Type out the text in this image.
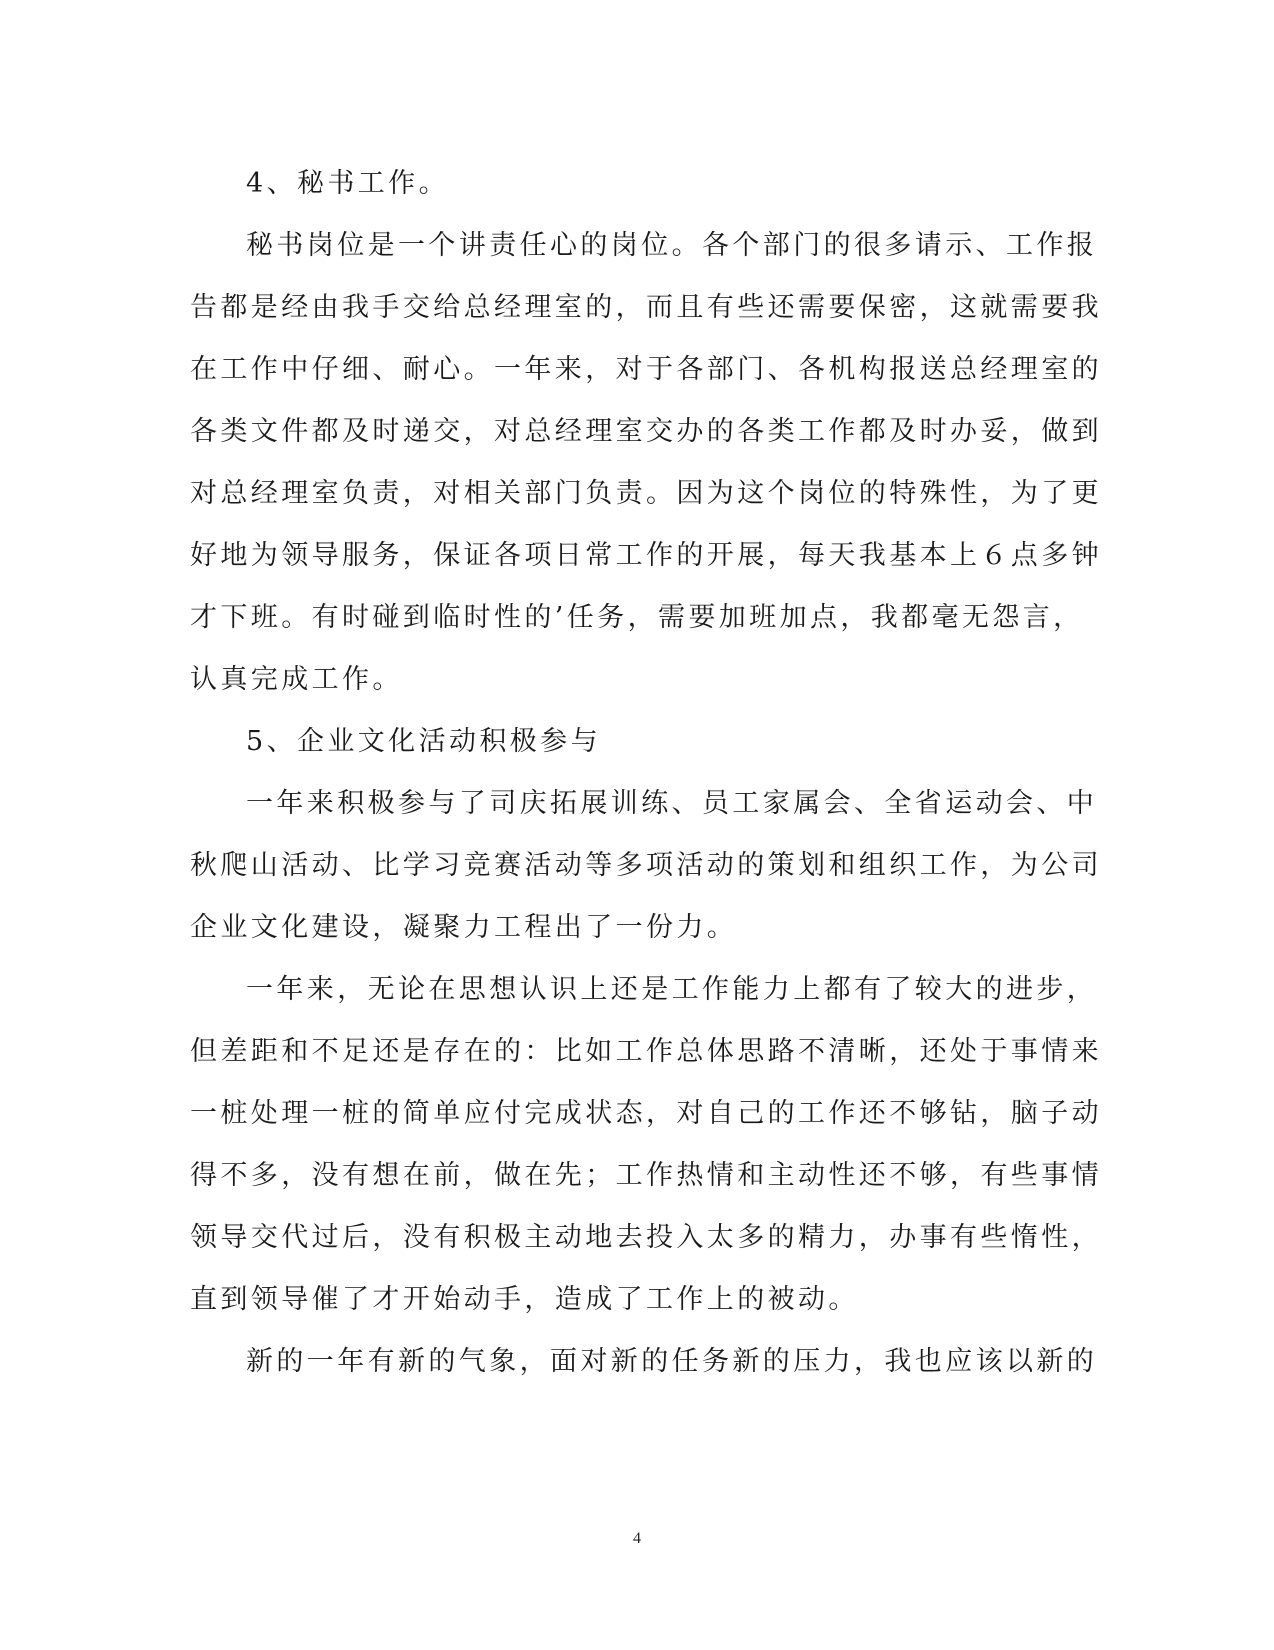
4、秘书工作。
秘书岗位是一个讲责任心的岗位。各个部门的很多请示、工作报
告都是经由我手交给总经理室的，而且有些还需要保密，这就需要我
在工作中仔细、耐心。一年来，对于各部门、各机构报送总经理室的
各类文件都及时递交，对总经理室交办的各类工作都及时办妥，做到
对总经理室负责，对相关部门负责。因为这个岗位的特殊性，为了更
好地为领导服务，保证各项日常工作的开展，每天我基本上６点多钟
才下班。有时碰到临时性的’任务，需要加班加点，我都毫无怨言，
认真完成工作。
5、企业文化活动积极参与
一年来积极参与了司庆拓展训练、员工家属会、全省运动会、中
秋爬山活动、比学习竞赛活动等多项活动的策划和组织工作，为公司
企业文化建设，凝聚力工程出了一份力。
一年来，无论在思想认识上还是工作能力上都有了较大的进步，
但差距和不足还是存在的：比如工作总体思路不清晰，还处于事情来
一桩处理一桩的简单应付完成状态，对自己的工作还不够钻，脑子动
得不多，没有想在前，做在先；工作热情和主动性还不够，有些事情
领导交代过后，没有积极主动地去投入太多的精力，办事有些惰性，
直到领导催了才开始动手，造成了工作上的被动。
新的一年有新的气象，面对新的任务新的压力，我也应该以新的
4
